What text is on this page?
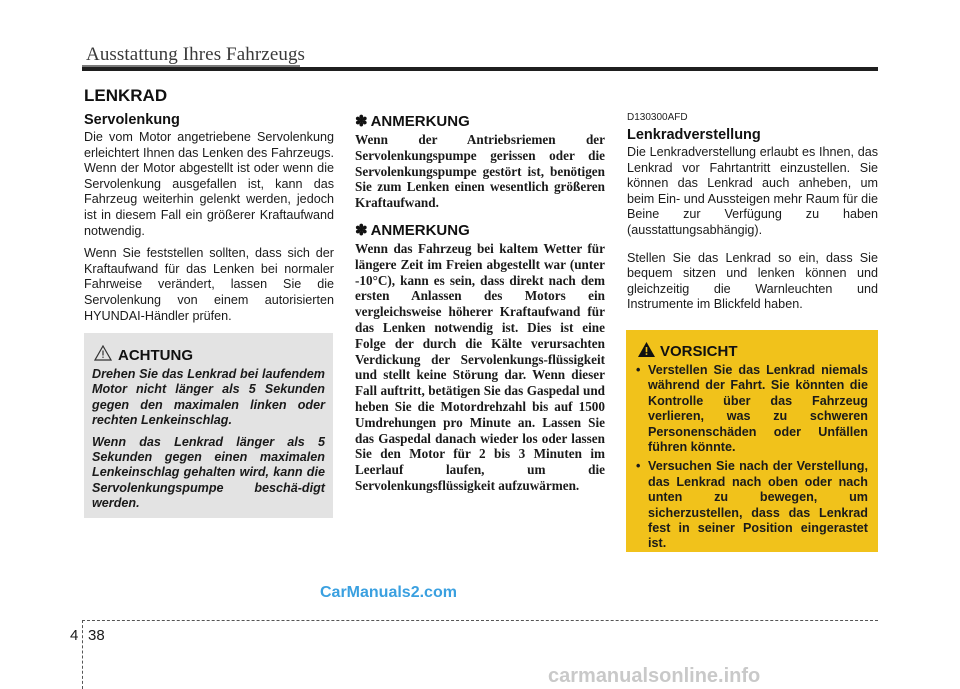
Ausstattung Ihres Fahrzeugs
LENKRAD
Servolenkung

Die vom Motor angetriebene Servolenkung erleichtert Ihnen das Lenken des Fahrzeugs. Wenn der Motor abgestellt ist oder wenn die Servolenkung ausgefallen ist, kann das Fahrzeug weiterhin gelenkt werden, jedoch ist in diesem Fall ein größerer Kraftaufwand notwendig.

Wenn Sie feststellen sollten, dass sich der Kraftaufwand für das Lenken bei normaler Fahrweise verändert, lassen Sie die Servolenkung von einem autorisierten HYUNDAI-Händler prüfen.

ACHTUNG

Drehen Sie das Lenkrad bei laufendem Motor nicht länger als 5 Sekunden gegen den maximalen linken oder rechten Lenkeinschlag.

Wenn das Lenkrad länger als 5 Sekunden gegen einen maximalen Lenkeinschlag gehalten wird, kann die Servolenkungspumpe beschä-digt werden.

✽ ANMERKUNG

Wenn der Antriebsriemen der Servolenkungspumpe gerissen oder die Servolenkungspumpe gestört ist, benötigen Sie zum Lenken einen wesentlich größeren Kraftaufwand.

✽ ANMERKUNG

Wenn das Fahrzeug bei kaltem Wetter für längere Zeit im Freien abgestellt war (unter -10°C), kann es sein, dass direkt nach dem ersten Anlassen des Motors ein vergleichsweise höherer Kraftaufwand für das Lenken notwendig ist. Dies ist eine Folge der durch die Kälte verursachten Verdickung der Servolenkungs-flüssigkeit und stellt keine Störung dar. Wenn dieser Fall auftritt, betätigen Sie das Gaspedal und heben Sie die Motordrehzahl bis auf 1500 Umdrehungen pro Minute an. Lassen Sie das Gaspedal danach wieder los oder lassen Sie den Motor für 2 bis 3 Minuten im Leerlauf laufen, um die Servolenkungsflüssigkeit aufzuwärmen.

D130300AFD
Lenkradverstellung

Die Lenkradverstellung erlaubt es Ihnen, das Lenkrad vor Fahrtantritt einzustellen. Sie können das Lenkrad auch anheben, um beim Ein- und Aussteigen mehr Raum für die Beine zur Verfügung zu haben (ausstattungsabhängig).

Stellen Sie das Lenkrad so ein, dass Sie bequem sitzen und lenken können und gleichzeitig die Warnleuchten und Instrumente im Blickfeld haben.

VORSICHT
• Verstellen Sie das Lenkrad niemals während der Fahrt. Sie könnten die Kontrolle über das Fahrzeug verlieren, was zu schweren Personenschäden oder Unfällen führen könnte.
• Versuchen Sie nach der Verstellung, das Lenkrad nach oben oder nach unten zu bewegen, um sicherzustellen, dass das Lenkrad fest in seiner Position eingerastet ist.
CarManuals2.com
4 38
carmanualsonline.info
